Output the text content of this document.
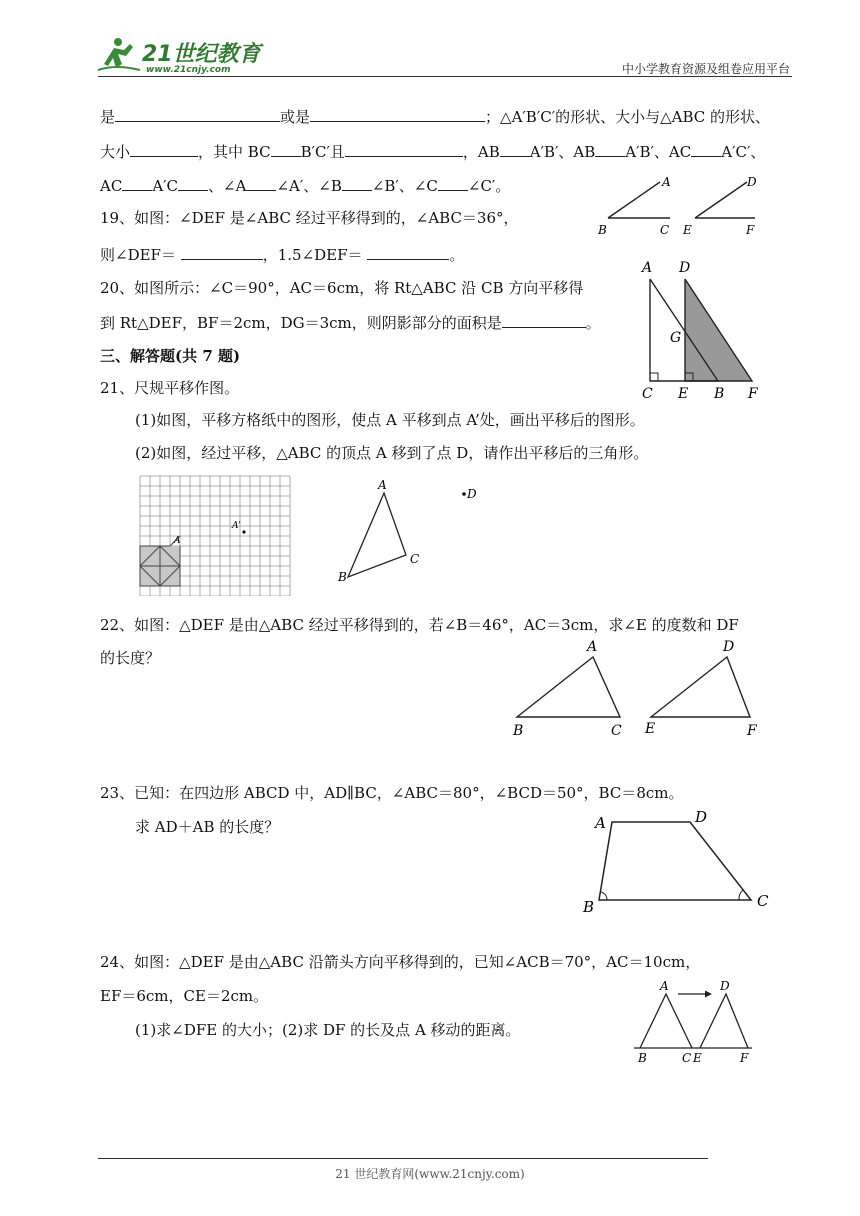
21世纪教育
www.21cnjy.com	中小学教育资源及组卷应用平台
是	或是	；△A′B′C′的形状、大小与△ABC 的形状、
大小	，其中 BC B′C′且	，AB A′B′、AB A′B′、AC A′C′、
AC A′C 、∠A ∠A′、∠B ∠B′、∠C ∠C′。
19、如图：∠DEF 是∠ABC 经过平移得到的，∠ABC＝36°，
则∠DEF＝	，1.5∠DEF＝	。
A
B	C
D
E	F
20、如图所示：∠C＝90°，AC＝6cm，将 Rt△ABC 沿 CB 方向平移得
到 Rt△DEF，BF＝2cm，DG＝3cm，则阴影部分的面积是	。
A D
G
C E B F
三、解答题(共 7 题)
21、尺规平移作图。
(1)如图，平移方格纸中的图形，使点 A 平移到点 A’处，画出平移后的图形。
(2)如图，经过平移，△ABC 的顶点 A 移到了点 D，请作出平移后的三角形。
A
A'
A
B
C
D
22、如图：△DEF 是由△ABC 经过平移得到的，若∠B＝46°，AC＝3cm，求∠E 的度数和 DF
的长度？
A
B	C
D
E	F
23、已知：在四边形 ABCD 中，AD∥BC，∠ABC＝80°，∠BCD＝50°，BC＝8cm。
求 AD＋AB 的长度？	A	D
B	C
24、如图：△DEF 是由△ABC 沿箭头方向平移得到的，已知∠ACB＝70°，AC＝10cm，
EF＝6cm，CE＝2cm。
(1)求∠DFE 的大小；(2)求 DF 的长及点 A 移动的距离。
A	D
B	C E	F
21 世纪教育网(www.21cnjy.com)
